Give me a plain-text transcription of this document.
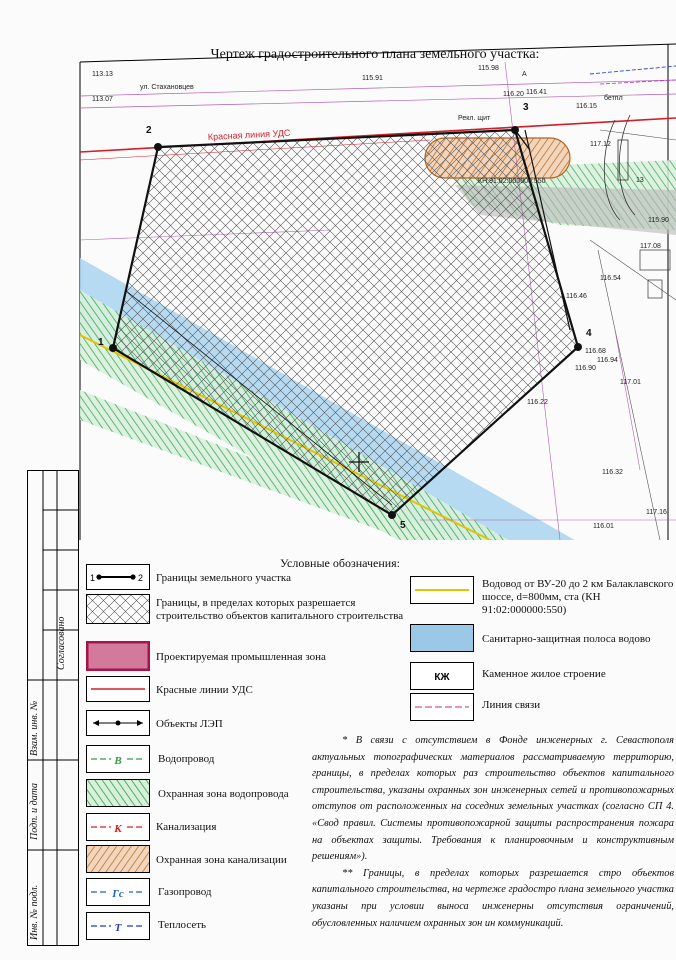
Чертеж градостроительного плана земельного участка:
ул. Стахановцев
Красная линия УДС
1
2
3
4
5
113.13
113.07
115.91
115.98
116.41
116.20
116.15
116.46
116.68
116.94
116.90
116.22
116.32
116.01
117.16
117.12
117.08
116.54
115.90
117.01
Рекл. щит
A
бетпл
КН 91:02:000000:550	13
Условные обозначения:
1	2 Границы земельного участка
Границы, в пределах которых разрешается строительство объектов капитального строительства
Проектируемая промышленная зона
Красные линии УДС
Объекты ЛЭП
В	Водопровод
Охранная зона водопровода
К	Канализация
Охранная зона канализации
Гс	Газопровод
Т	Теплосеть
Водовод от ВУ-20 до 2 км Балаклавского шоссе, d=800мм, ста (КН 91:02:000000:550)
Санитарно-защитная полоса водово
КЖ	Каменное жилое строение
Линия связи

* В связи с отсутствием в Фонде инженерных г. Севастополя актуальных топографических материалов рассматриваемую территорию, границы, в пределах которых раз строительство объектов капитального строительства, указаны охранных зон инженерных сетей и противопожарных отступов от расположенных на соседних земельных участках (согласно СП 4. «Свод правил. Системы противопожарной защиты распространения пожара на объектах защиты. Требования к планировочным и конструктивным решениям»).

** Границы, в пределах которых разрешается стро объектов капитального строительства, на чертеже градостро плана земельного участка указаны при условии выноса инженерны отсутствия ограничений, обусловленных наличием охранных зон ин коммуникаций.

Согласовано
Взам. инв. №
Подп. и дата
Инв. № подл.
